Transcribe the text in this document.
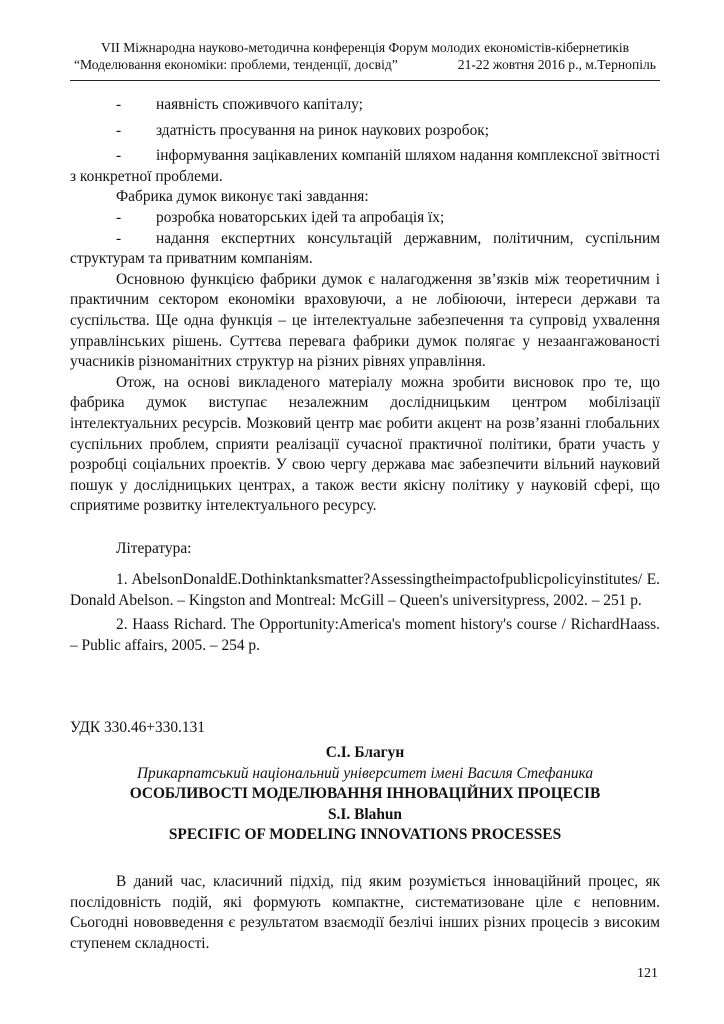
VII Міжнародна науково-методична конференція Форум молодих економістів-кібернетиків
“Моделювання економіки: проблеми, тенденції, досвід”	21-22 жовтня 2016 р., м.Тернопіль
-	наявність споживчого капіталу;
-	здатність просування на ринок наукових розробок;
- інформування зацікавлених компаній шляхом надання комплексної звітності з конкретної проблеми.
Фабрика думок виконує такі завдання:
-	розробка новаторських ідей та апробація їх;
- надання експертних консультацій державним, політичним, суспільним структурам та приватним компаніям.
Основною функцією фабрики думок є налагодження зв’язків між теоретичним і практичним сектором економіки враховуючи, а не лобіюючи, інтереси держави та суспільства. Ще одна функція – це інтелектуальне забезпечення та супровід ухвалення управлінських рішень. Суттєва перевага фабрики думок полягає у незаангажованості учасників різноманітних структур на різних рівнях управління.
Отож, на основі викладеного матеріалу можна зробити висновок про те, що фабрика думок виступає незалежним дослідницьким центром мобілізації інтелектуальних ресурсів. Мозковий центр має робити акцент на розв’язанні глобальних суспільних проблем, сприяти реалізації сучасної практичної політики, брати участь у розробці соціальних проектів. У свою чергу держава має забезпечити вільний науковий пошук у дослідницьких центрах, а також вести якісну політику у науковій сфері, що сприятиме розвитку інтелектуального ресурсу.
Література:
1. AbelsonDonaldE.Dothinktanksmatter?Assessingtheimpactofpublicpolicyinstitutes/ E. Donald Abelson. – Kingston and Montreal: McGill – Queen's universitypress, 2002. – 251 p.
2. Haass Richard. The Opportunity:America's moment history's course / RichardHaass. – Public affairs, 2005. – 254 p.
УДК 330.46+330.131
С.І. Благун
Прикарпатський національний університет імені Василя Стефаника
ОСОБЛИВОСТІ МОДЕЛЮВАННЯ ІННОВАЦІЙНИХ ПРОЦЕСІВ
S.I. Blahun
SPECIFIC OF MODELING INNOVATIONS PROCESSES
В даний час, класичний підхід, під яким розуміється інноваційний процес, як послідовність подій, які формують компактне, систематизоване ціле є неповним. Сьогодні нововведення є результатом взаємодії безлічі інших різних процесів з високим ступенем складності.
121
